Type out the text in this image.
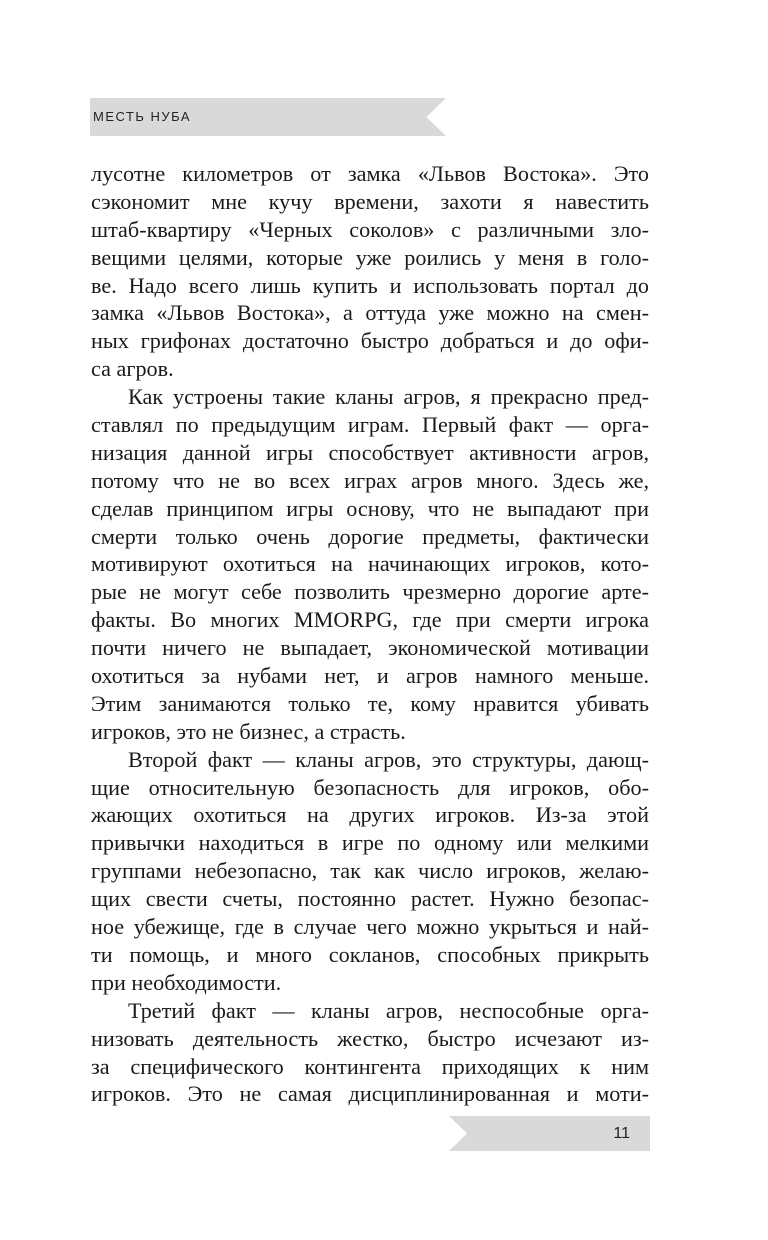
МЕСТЬ НУБА
лусотне километров от замка «Львов Востока». Это
сэкономит мне кучу времени, захоти я навестить
штаб-квартиру «Черных соколов» с различными зло-
вещими целями, которые уже роились у меня в голо-
ве. Надо всего лишь купить и использовать портал до
замка «Львов Востока», а оттуда уже можно на смен-
ных грифонах достаточно быстро добраться и до офи-
са агров.
Как устроены такие кланы агров, я прекрасно пред-
ставлял по предыдущим играм. Первый факт — орга-
низация данной игры способствует активности агров,
потому что не во всех играх агров много. Здесь же,
сделав принципом игры основу, что не выпадают при
смерти только очень дорогие предметы, фактически
мотивируют охотиться на начинающих игроков, кото-
рые не могут себе позволить чрезмерно дорогие арте-
факты. Во многих MMORPG, где при смерти игрока
почти ничего не выпадает, экономической мотивации
охотиться за нубами нет, и агров намного меньше.
Этим занимаются только те, кому нравится убивать
игроков, это не бизнес, а страсть.
Второй факт — кланы агров, это структуры, дающ-
щие относительную безопасность для игроков, обо-
жающих охотиться на других игроков. Из-за этой
привычки находиться в игре по одному или мелкими
группами небезопасно, так как число игроков, желаю-
щих свести счеты, постоянно растет. Нужно безопас-
ное убежище, где в случае чего можно укрыться и най-
ти помощь, и много сокланов, способных прикрыть
при необходимости.
Третий факт — кланы агров, неспособные орга-
низовать деятельность жестко, быстро исчезают из-
за специфического контингента приходящих к ним
игроков. Это не самая дисциплинированная и моти-
11
